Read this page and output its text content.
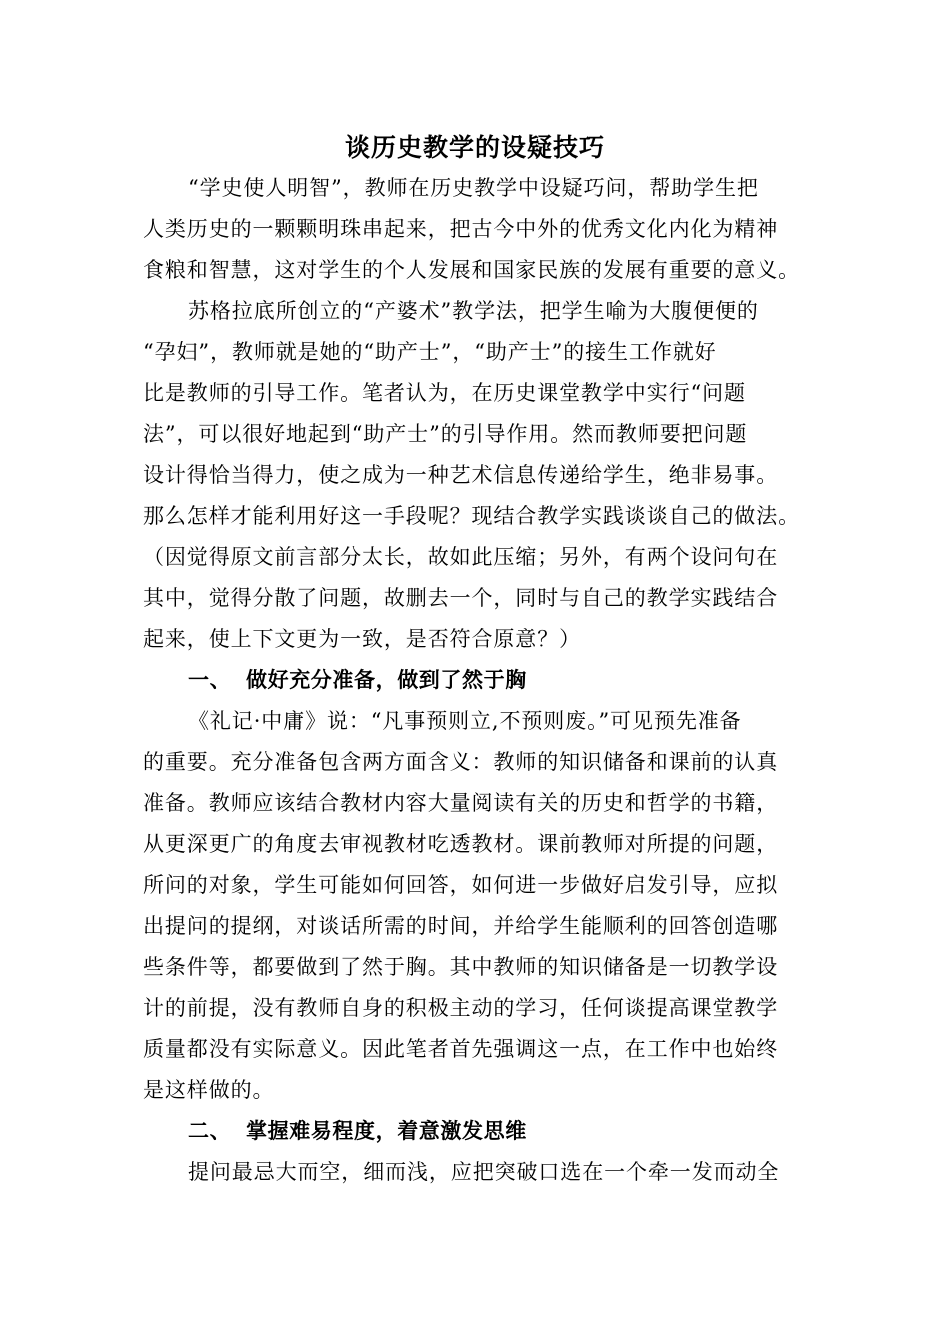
谈历史教学的设疑技巧
“学史使人明智”，教师在历史教学中设疑巧问，帮助学生把
人类历史的一颗颗明珠串起来，把古今中外的优秀文化内化为精神
食粮和智慧，这对学生的个人发展和国家民族的发展有重要的意义。
苏格拉底所创立的“产婆术”教学法，把学生喻为大腹便便的
“孕妇”，教师就是她的“助产士”，“助产士”的接生工作就好
比是教师的引导工作。笔者认为，在历史课堂教学中实行“问题
法”，可以很好地起到“助产士”的引导作用。然而教师要把问题
设计得恰当得力，使之成为一种艺术信息传递给学生，绝非易事。
那么怎样才能利用好这一手段呢？现结合教学实践谈谈自己的做法。
（因觉得原文前言部分太长，故如此压缩；另外，有两个设问句在
其中，觉得分散了问题，故删去一个，同时与自己的教学实践结合
起来，使上下文更为一致，是否符合原意？）
一、 做好充分准备，做到了然于胸
《礼记·中庸》说：“凡事预则立,不预则废。”可见预先准备
的重要。充分准备包含两方面含义：教师的知识储备和课前的认真
准备。教师应该结合教材内容大量阅读有关的历史和哲学的书籍，
从更深更广的角度去审视教材吃透教材。课前教师对所提的问题，
所问的对象，学生可能如何回答，如何进一步做好启发引导，应拟
出提问的提纲，对谈话所需的时间，并给学生能顺利的回答创造哪
些条件等，都要做到了然于胸。其中教师的知识储备是一切教学设
计的前提，没有教师自身的积极主动的学习，任何谈提高课堂教学
质量都没有实际意义。因此笔者首先强调这一点，在工作中也始终
是这样做的。
二、 掌握难易程度，着意激发思维
提问最忌大而空，细而浅，应把突破口选在一个牵一发而动全
